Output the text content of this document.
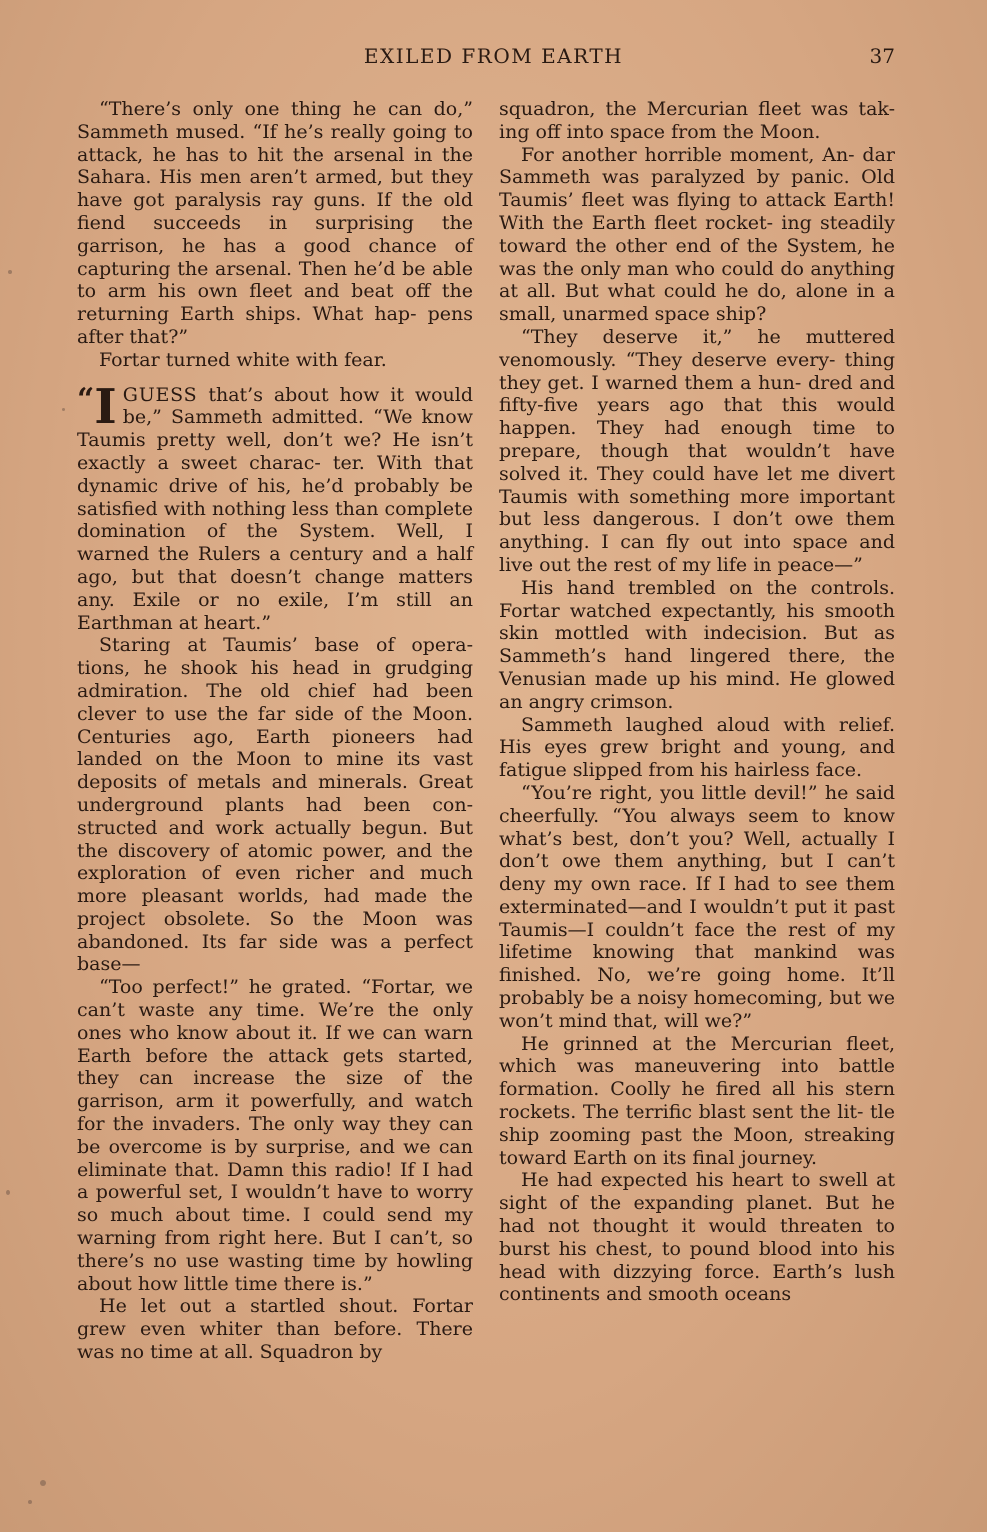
EXILED FROM EARTH	37

“There’s only one thing he can do,” Sammeth mused. “If he’s really going to attack, he has to hit the arsenal in the Sahara. His men aren’t armed, but they have got paralysis ray guns. If the old fiend succeeds in surprising the garrison, he has a good chance of capturing the arsenal. Then he’d be able to arm his own fleet and beat off the returning Earth ships. What hap- pens after that?”

Fortar turned white with fear.

“I GUESS that’s about how it would be,” Sammeth admitted. “We know Taumis pretty well, don’t we? He isn’t exactly a sweet charac- ter. With that dynamic drive of his, he’d probably be satisfied with nothing less than complete domination of the System. Well, I warned the Rulers a century and a half ago, but that doesn’t change matters any. Exile or no exile, I’m still an Earthman at heart.”

Staring at Taumis’ base of opera- tions, he shook his head in grudging admiration. The old chief had been clever to use the far side of the Moon. Centuries ago, Earth pioneers had landed on the Moon to mine its vast deposits of metals and minerals. Great underground plants had been con- structed and work actually begun. But the discovery of atomic power, and the exploration of even richer and much more pleasant worlds, had made the project obsolete. So the Moon was abandoned. Its far side was a perfect base—

“Too perfect!” he grated. “Fortar, we can’t waste any time. We’re the only ones who know about it. If we can warn Earth before the attack gets started, they can increase the size of the garrison, arm it powerfully, and watch for the invaders. The only way they can be overcome is by surprise, and we can eliminate that. Damn this radio! If I had a powerful set, I wouldn’t have to worry so much about time. I could send my warning from right here. But I can’t, so there’s no use wasting time by howling about how little time there is.”

He let out a startled shout. Fortar grew even whiter than before. There was no time at all. Squadron by

squadron, the Mercurian fleet was tak- ing off into space from the Moon.

For another horrible moment, An- dar Sammeth was paralyzed by panic. Old Taumis’ fleet was flying to attack Earth! With the Earth fleet rocket- ing steadily toward the other end of the System, he was the only man who could do anything at all. But what could he do, alone in a small, unarmed space ship?

“They deserve it,” he muttered venomously. “They deserve every- thing they get. I warned them a hun- dred and fifty-five years ago that this would happen. They had enough time to prepare, though that wouldn’t have solved it. They could have let me divert Taumis with something more important but less dangerous. I don’t owe them anything. I can fly out into space and live out the rest of my life in peace—”

His hand trembled on the controls. Fortar watched expectantly, his smooth skin mottled with indecision. But as Sammeth’s hand lingered there, the Venusian made up his mind. He glowed an angry crimson.

Sammeth laughed aloud with relief. His eyes grew bright and young, and fatigue slipped from his hairless face.

“You’re right, you little devil!” he said cheerfully. “You always seem to know what’s best, don’t you? Well, actually I don’t owe them anything, but I can’t deny my own race. If I had to see them exterminated—and I wouldn’t put it past Taumis—I couldn’t face the rest of my lifetime knowing that mankind was finished. No, we’re going home. It’ll probably be a noisy homecoming, but we won’t mind that, will we?”

He grinned at the Mercurian fleet, which was maneuvering into battle formation. Coolly he fired all his stern rockets. The terrific blast sent the lit- tle ship zooming past the Moon, streaking toward Earth on its final journey.

He had expected his heart to swell at sight of the expanding planet. But he had not thought it would threaten to burst his chest, to pound blood into his head with dizzying force. Earth’s lush continents and smooth oceans
